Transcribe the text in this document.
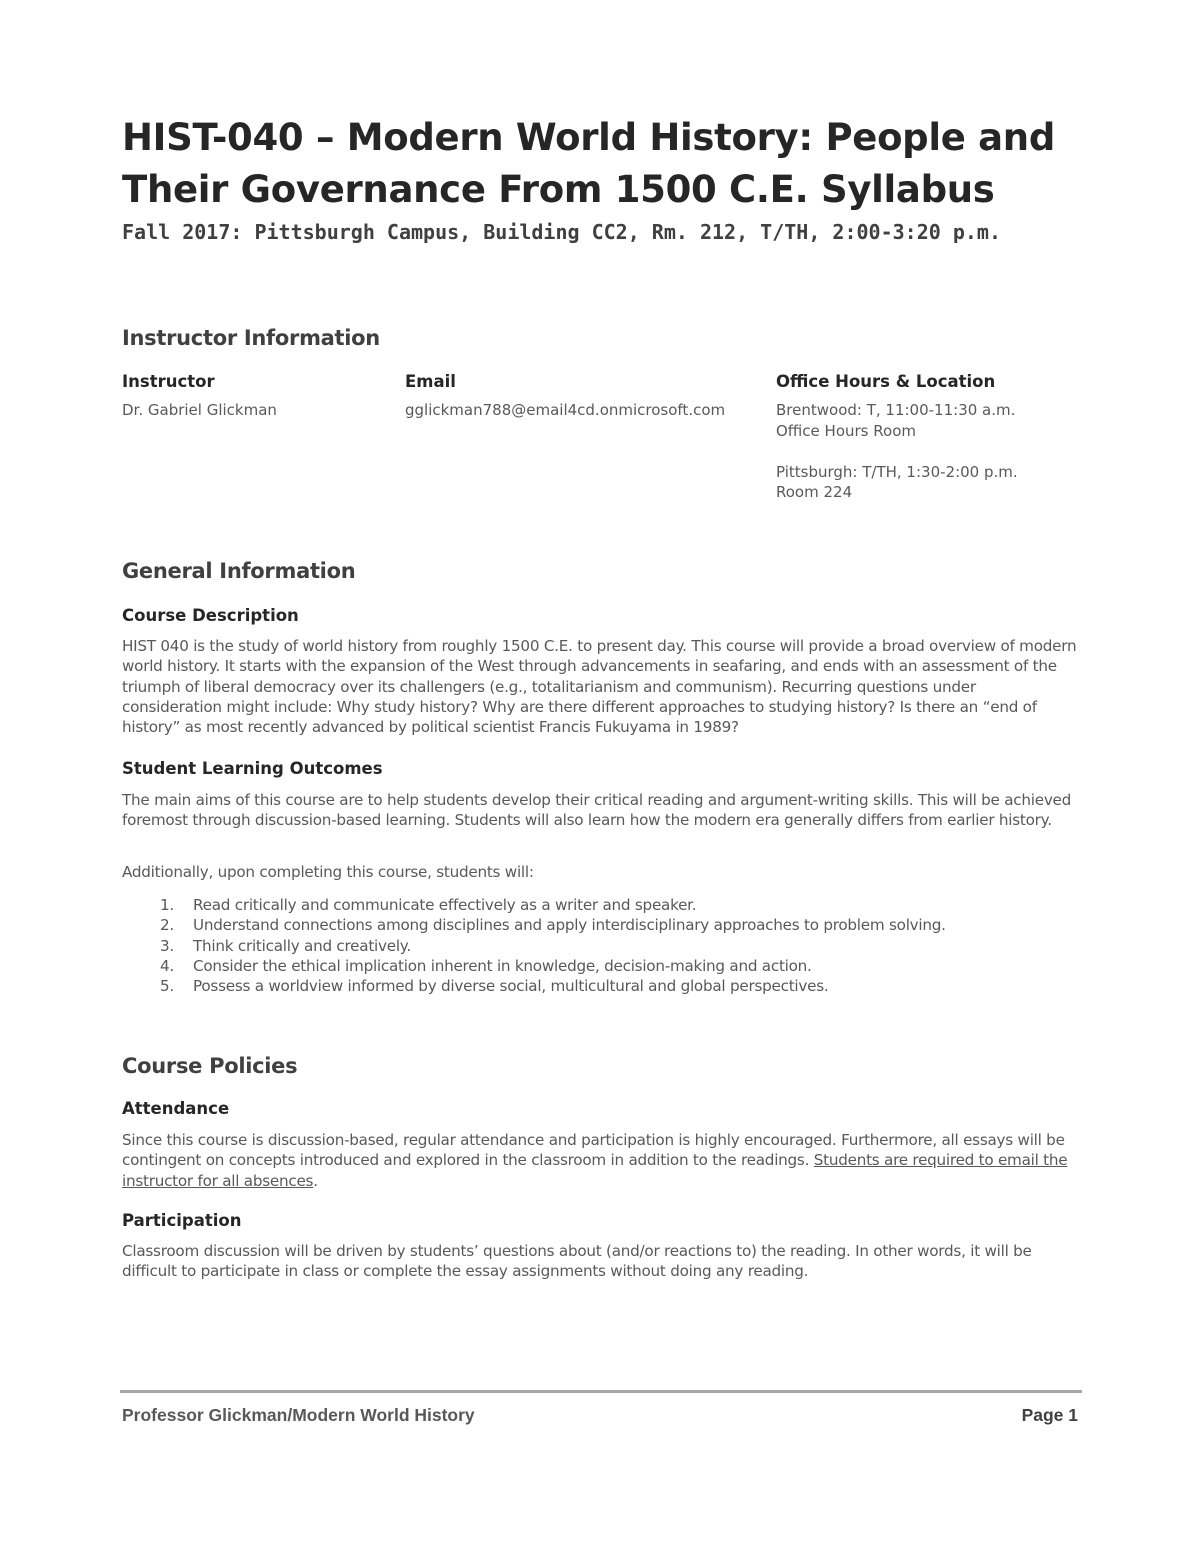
HIST-040 – Modern World History: People and Their Governance From 1500 C.E. Syllabus

Fall 2017: Pittsburgh Campus, Building CC2, Rm. 212, T/TH, 2:00-3:20 p.m.

Instructor Information
Instructor
Dr. Gabriel Glickman
Email
gglickman788@email4cd.onmicrosoft.com
Office Hours & Location
Brentwood: T, 11:00-11:30 a.m.
Office Hours Room
Pittsburgh: T/TH, 1:30-2:00 p.m.
Room 224
General Information
Course Description

HIST 040 is the study of world history from roughly 1500 C.E. to present day. This course will provide a broad overview of modern world history. It starts with the expansion of the West through advancements in seafaring, and ends with an assessment of the triumph of liberal democracy over its challengers (e.g., totalitarianism and communism). Recurring questions under consideration might include: Why study history? Why are there different approaches to studying history? Is there an “end of history” as most recently advanced by political scientist Francis Fukuyama in 1989?

Student Learning Outcomes

The main aims of this course are to help students develop their critical reading and argument-writing skills. This will be achieved foremost through discussion-based learning. Students will also learn how the modern era generally differs from earlier history.

Additionally, upon completing this course, students will:

1. Read critically and communicate effectively as a writer and speaker.
2. Understand connections among disciplines and apply interdisciplinary approaches to problem solving.
3. Think critically and creatively.
4. Consider the ethical implication inherent in knowledge, decision-making and action.
5. Possess a worldview informed by diverse social, multicultural and global perspectives.
Course Policies
Attendance

Since this course is discussion-based, regular attendance and participation is highly encouraged. Furthermore, all essays will be contingent on concepts introduced and explored in the classroom in addition to the readings. Students are required to email the instructor for all absences.

Participation

Classroom discussion will be driven by students’ questions about (and/or reactions to) the reading. In other words, it will be difficult to participate in class or complete the essay assignments without doing any reading.

Professor Glickman/Modern World History	Page 1
